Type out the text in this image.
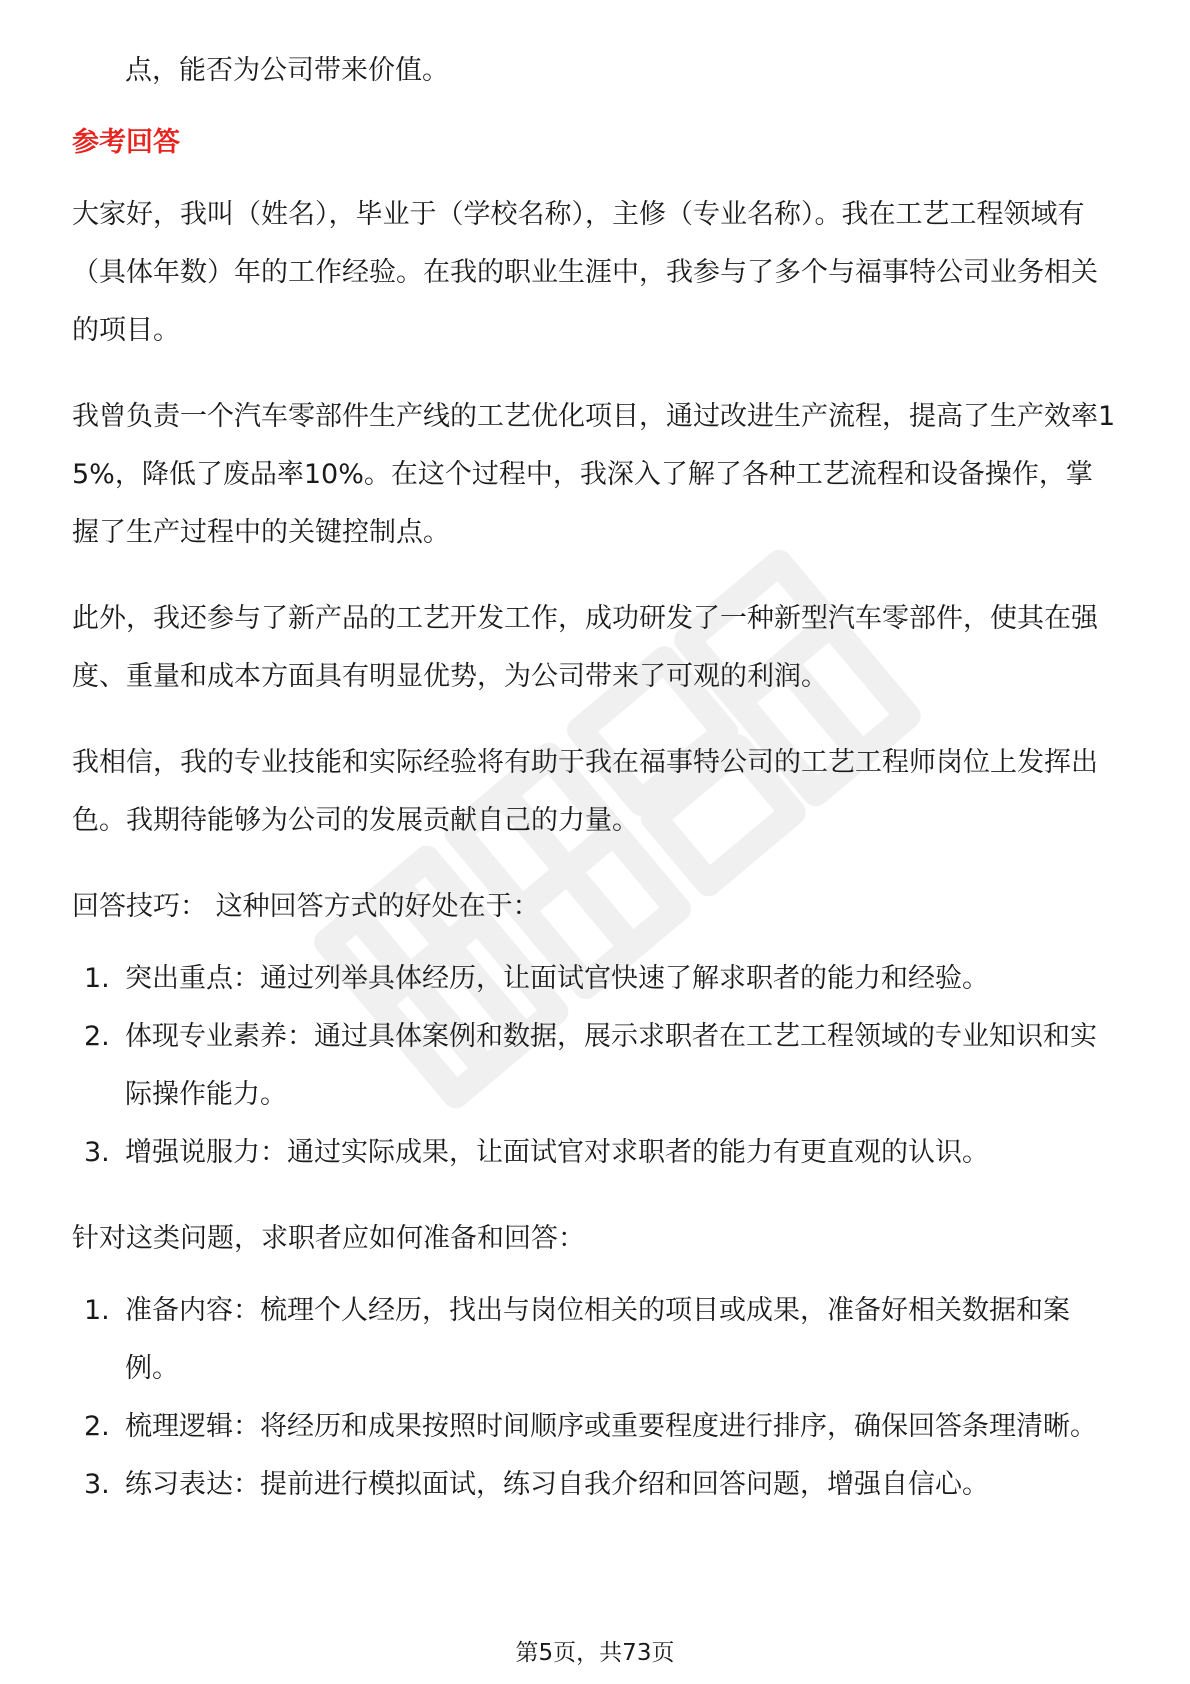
点，能否为公司带来价值。

参考回答

大家好，我叫（姓名），毕业于（学校名称），主修（专业名称）。我在工艺工程领域有（具体年数）年的工作经验。在我的职业生涯中，我参与了多个与福事特公司业务相关的项目。

我曾负责一个汽车零部件生产线的工艺优化项目，通过改进生产流程，提高了生产效率15%，降低了废品率10%。在这个过程中，我深入了解了各种工艺流程和设备操作，掌握了生产过程中的关键控制点。

此外，我还参与了新产品的工艺开发工作，成功研发了一种新型汽车零部件，使其在强度、重量和成本方面具有明显优势，为公司带来了可观的利润。

我相信，我的专业技能和实际经验将有助于我在福事特公司的工艺工程师岗位上发挥出色。我期待能够为公司的发展贡献自己的力量。

回答技巧： 这种回答方式的好处在于：

1. 突出重点：通过列举具体经历，让面试官快速了解求职者的能力和经验。
2. 体现专业素养：通过具体案例和数据，展示求职者在工艺工程领域的专业知识和实际操作能力。
3. 增强说服力：通过实际成果，让面试官对求职者的能力有更直观的认识。

针对这类问题，求职者应如何准备和回答：

1. 准备内容：梳理个人经历，找出与岗位相关的项目或成果，准备好相关数据和案例。
2. 梳理逻辑：将经历和成果按照时间顺序或重要程度进行排序，确保回答条理清晰。
3. 练习表达：提前进行模拟面试，练习自我介绍和回答问题，增强自信心。
第5页，共73页
